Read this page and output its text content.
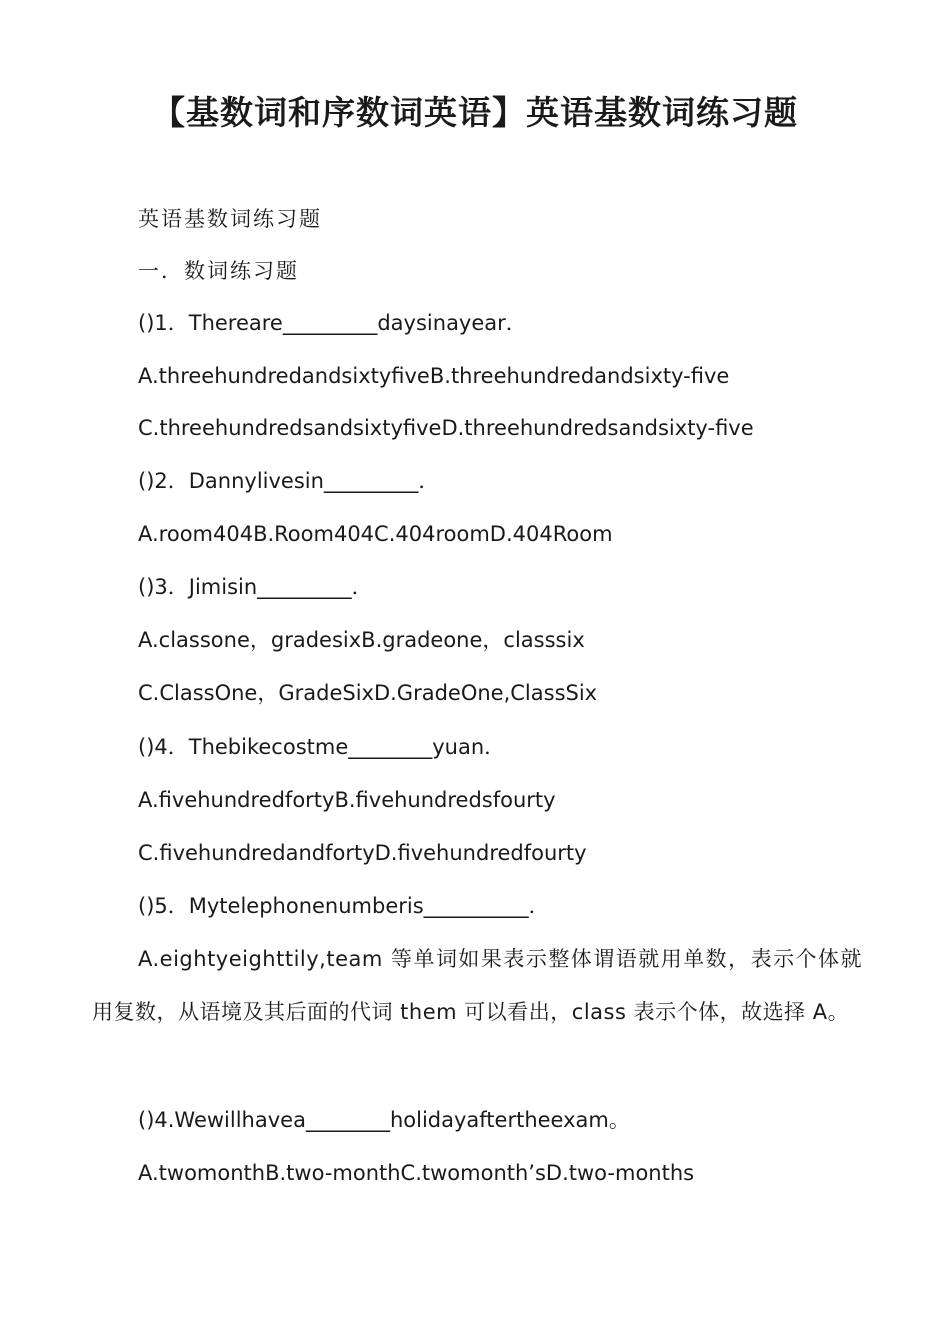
【基数词和序数词英语】英语基数词练习题
英语基数词练习题
一．数词练习题
()1．Thereare_________daysinayear．
A.threehundredandsixtyfiveB.threehundredandsixty-five
C.threehundredsandsixtyfiveD.threehundredsandsixty-five
()2．Dannylivesin_________．
A.room404B.Room404C.404roomD.404Room
()3．Jimisin_________．
A.classone，gradesixB.gradeone，classsix
C.ClassOne，GradeSixD.GradeOne,ClassSix
()4．Thebikecostme________yuan．
A.fivehundredfortyB.fivehundredsfourty
C.fivehundredandfortyD.fivehundredfourty
()5．Mytelephonenumberis__________．
A.eightyeighttily,team 等单词如果表示整体谓语就用单数，表示个体就用复数，从语境及其后面的代词 them 可以看出，class 表示个体，故选择 A。
()4.Wewillhavea________holidayaftertheexam。
A.twomonthB.two-monthC.twomonth’sD.two-months
